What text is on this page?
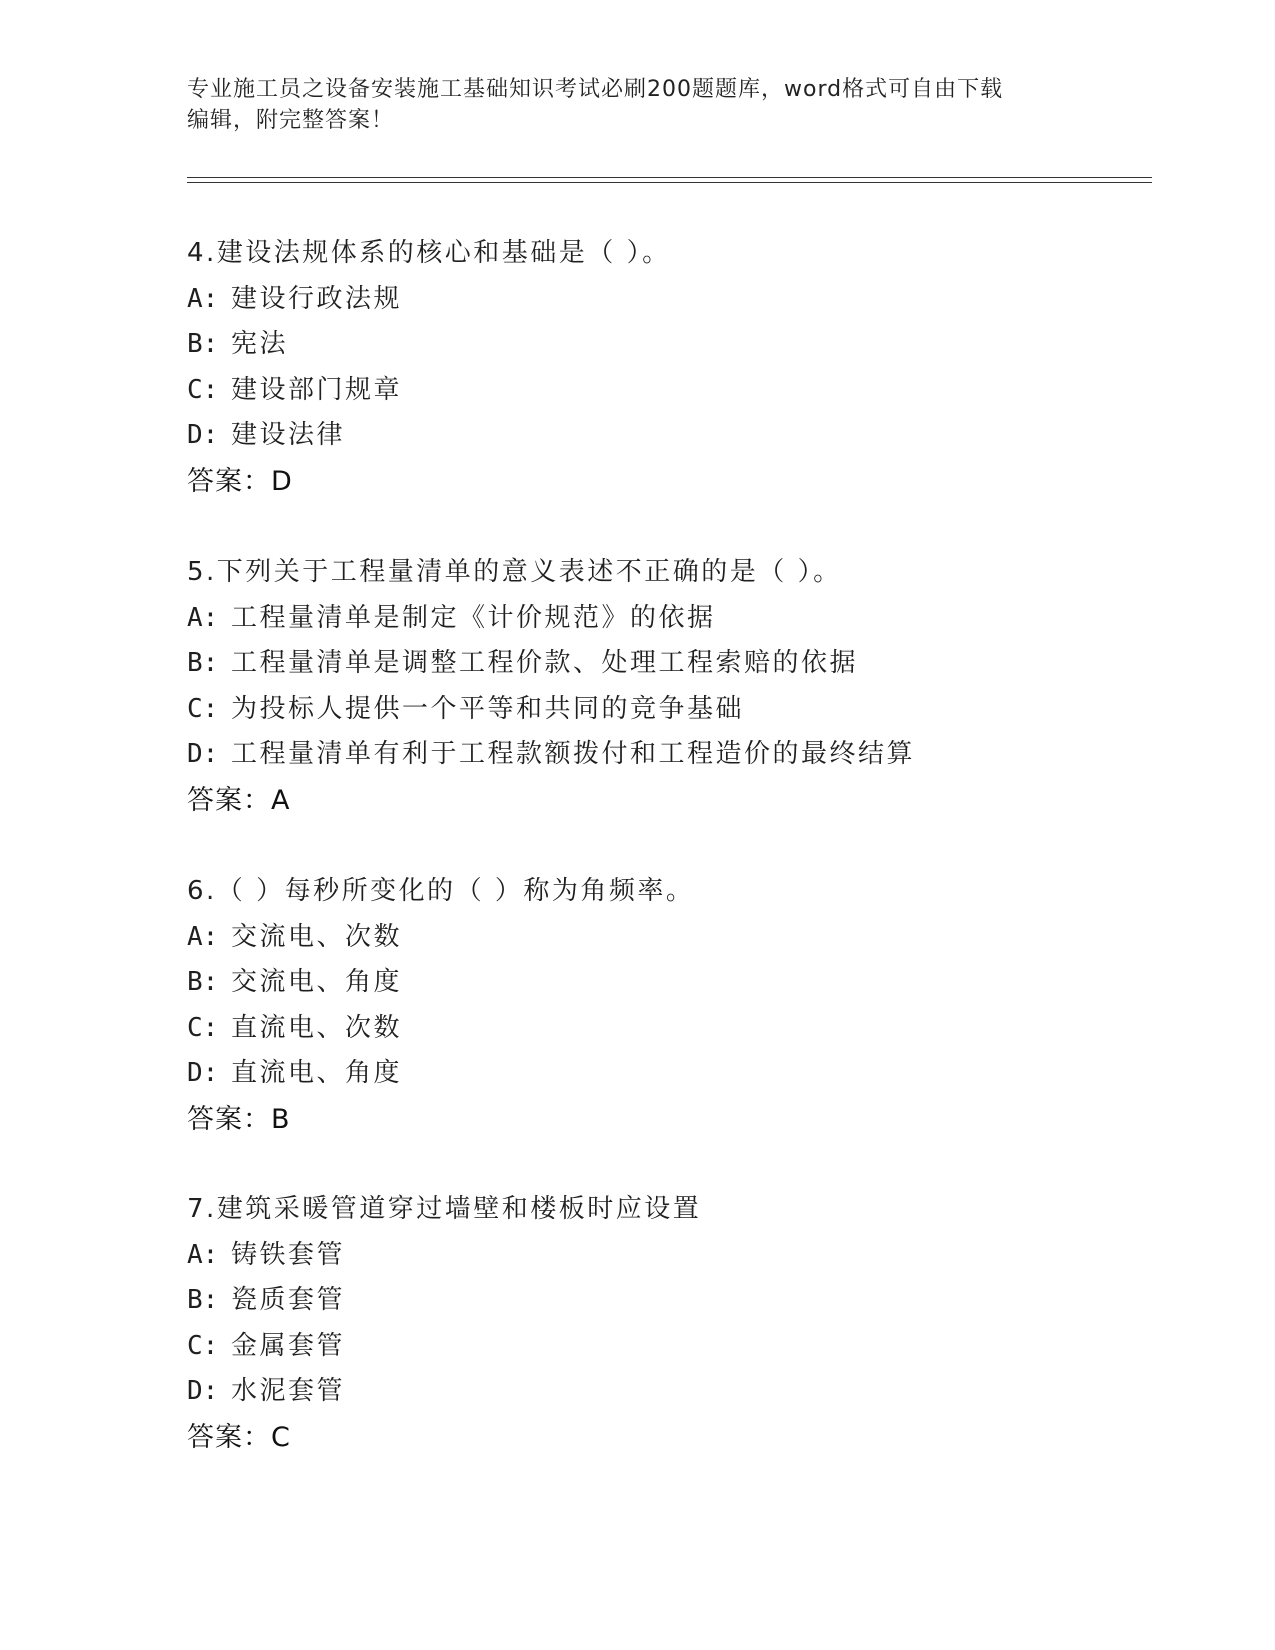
专业施工员之设备安装施工基础知识考试必刷200题题库，word格式可自由下载
编辑，附完整答案！
4.建设法规体系的核心和基础是（ ）。
A: 建设行政法规
B: 宪法
C: 建设部门规章
D: 建设法律
答案：D
5.下列关于工程量清单的意义表述不正确的是（ ）。
A: 工程量清单是制定《计价规范》的依据
B: 工程量清单是调整工程价款、处理工程索赔的依据
C: 为投标人提供一个平等和共同的竞争基础
D: 工程量清单有利于工程款额拨付和工程造价的最终结算
答案：A
6.（ ）每秒所变化的（ ）称为角频率。
A: 交流电、次数
B: 交流电、角度
C: 直流电、次数
D: 直流电、角度
答案：B
7.建筑采暖管道穿过墙壁和楼板时应设置
A: 铸铁套管
B: 瓷质套管
C: 金属套管
D: 水泥套管
答案：C
